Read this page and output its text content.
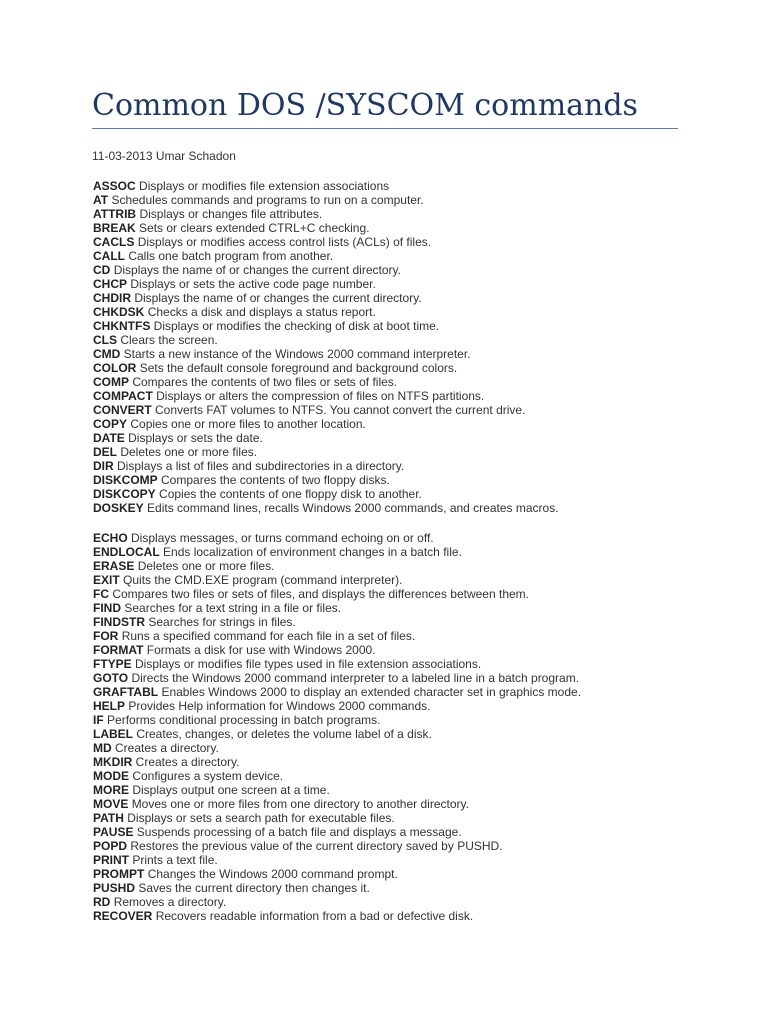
Common DOS /SYSCOM commands
11-03-2013 Umar Schadon
ASSOC Displays or modifies file extension associations
AT Schedules commands and programs to run on a computer.
ATTRIB Displays or changes file attributes.
BREAK Sets or clears extended CTRL+C checking.
CACLS Displays or modifies access control lists (ACLs) of files.
CALL Calls one batch program from another.
CD Displays the name of or changes the current directory.
CHCP Displays or sets the active code page number.
CHDIR Displays the name of or changes the current directory.
CHKDSK Checks a disk and displays a status report.
CHKNTFS Displays or modifies the checking of disk at boot time.
CLS Clears the screen.
CMD Starts a new instance of the Windows 2000 command interpreter.
COLOR Sets the default console foreground and background colors.
COMP Compares the contents of two files or sets of files.
COMPACT Displays or alters the compression of files on NTFS partitions.
CONVERT Converts FAT volumes to NTFS. You cannot convert the current drive.
COPY Copies one or more files to another location.
DATE Displays or sets the date.
DEL Deletes one or more files.
DIR Displays a list of files and subdirectories in a directory.
DISKCOMP Compares the contents of two floppy disks.
DISKCOPY Copies the contents of one floppy disk to another.
DOSKEY Edits command lines, recalls Windows 2000 commands, and creates macros.
ECHO Displays messages, or turns command echoing on or off.
ENDLOCAL Ends localization of environment changes in a batch file.
ERASE Deletes one or more files.
EXIT Quits the CMD.EXE program (command interpreter).
FC Compares two files or sets of files, and displays the differences between them.
FIND Searches for a text string in a file or files.
FINDSTR Searches for strings in files.
FOR Runs a specified command for each file in a set of files.
FORMAT Formats a disk for use with Windows 2000.
FTYPE Displays or modifies file types used in file extension associations.
GOTO Directs the Windows 2000 command interpreter to a labeled line in a batch program.
GRAFTABL Enables Windows 2000 to display an extended character set in graphics mode.
HELP Provides Help information for Windows 2000 commands.
IF Performs conditional processing in batch programs.
LABEL Creates, changes, or deletes the volume label of a disk.
MD Creates a directory.
MKDIR Creates a directory.
MODE Configures a system device.
MORE Displays output one screen at a time.
MOVE Moves one or more files from one directory to another directory.
PATH Displays or sets a search path for executable files.
PAUSE Suspends processing of a batch file and displays a message.
POPD Restores the previous value of the current directory saved by PUSHD.
PRINT Prints a text file.
PROMPT Changes the Windows 2000 command prompt.
PUSHD Saves the current directory then changes it.
RD Removes a directory.
RECOVER Recovers readable information from a bad or defective disk.
